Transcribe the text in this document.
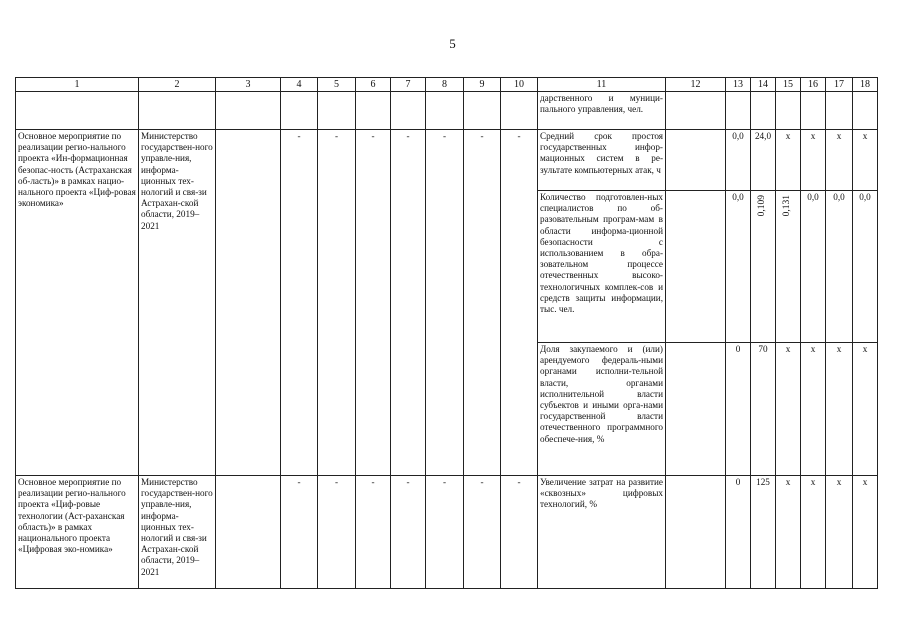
5
1	2	3	4	5	6	7	8	9	10	11	12	13	14	15	16	17	18
										дарственного и муници-пального управления, чел.							
Основное мероприятие по реализации регио-нального проекта «Ин-формационная безопас-ность (Астраханская об-ласть)» в рамках нацио-нального проекта «Циф-ровая экономика»	Министерство государствен-ного управле-ния, информа-ционных тех-нологий и свя-зи Астрахан-ской области, 2019–2021		-	-	-	-	-	-	-	Средний срок простоя государственных инфор-мационных систем в ре-зультате компьютерных атак, ч		0,0	24,0	х	х	х	х
										Количество подготовлен-ных специалистов по об-разовательным програм-мам в области информа-ционной безопасности с использованием в обра-зовательном процессе отечественных высоко-технологичных комплек-сов и средств защиты информации, тыс. чел.		0,0	0,109	0,131	0,0	0,0	0,0
										Доля закупаемого и (или) арендуемого федераль-ными органами исполни-тельной власти, органами исполнительной власти субъектов и иными орга-нами государственной власти отечественного программного обеспече-ния, %		0	70	х	х	х	х
Основное мероприятие по реализации регио-нального проекта «Циф-ровые технологии (Аст-раханская область)» в рамках национального проекта «Цифровая эко-номика»	Министерство государствен-ного управле-ния, информа-ционных тех-нологий и свя-зи Астрахан-ской области, 2019–2021		-	-	-	-	-	-	-	Увеличение затрат на развитие «сквозных» цифровых технологий, %		0	125	х	х	х	х
